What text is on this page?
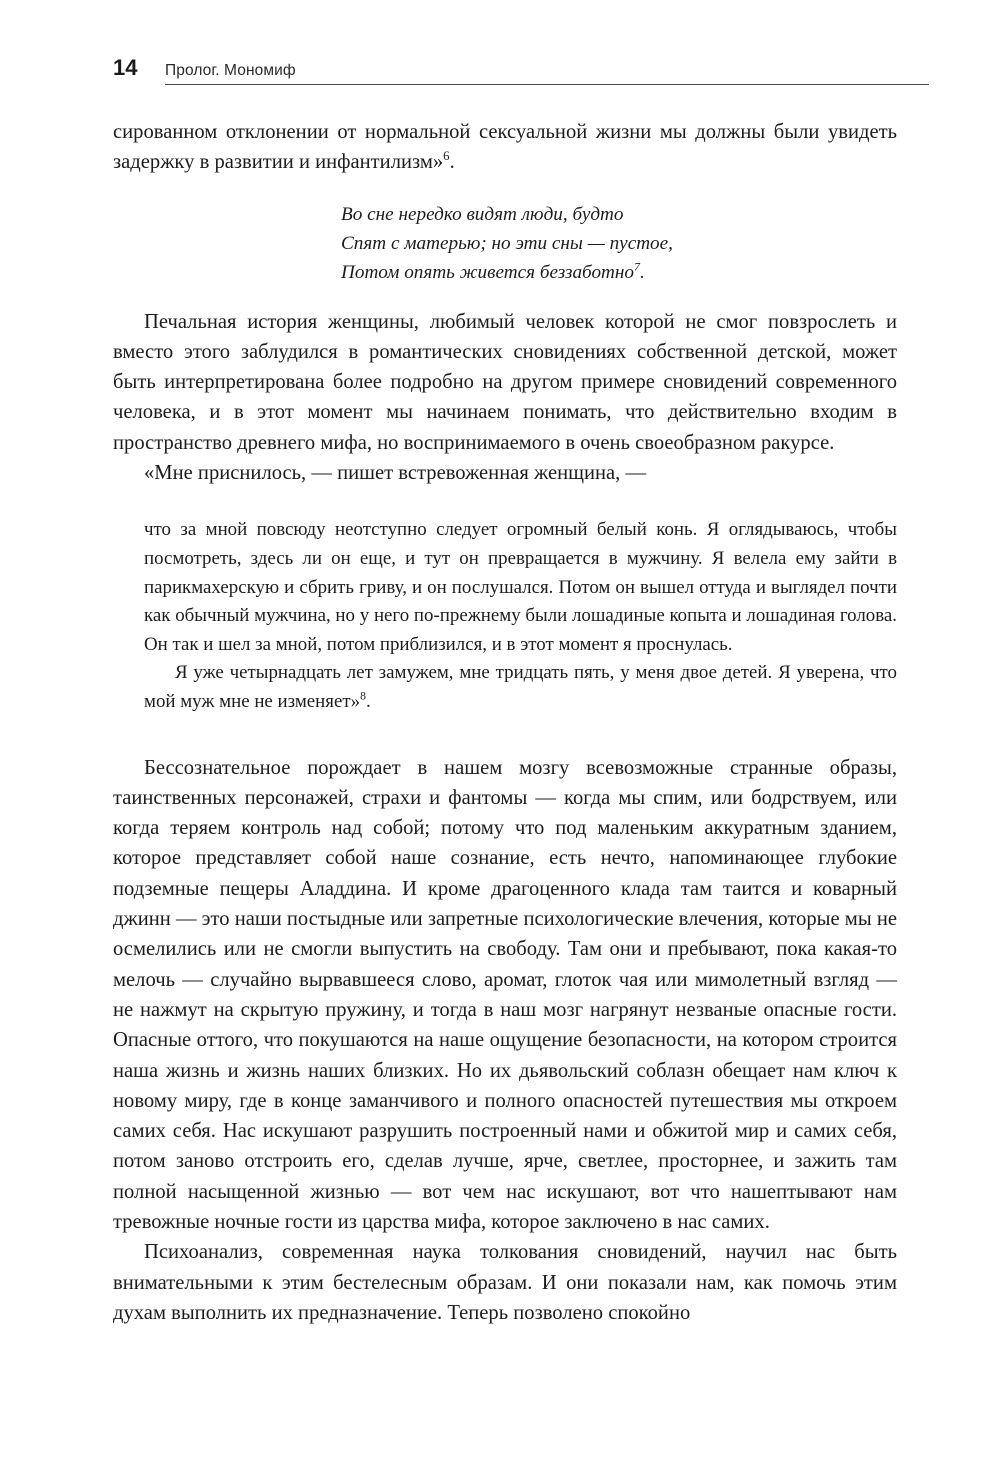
14	Пролог. Мономиф

сированном отклонении от нормальной сексуальной жизни мы должны были увидеть задержку в развитии и инфантилизм»$^6$.

Во сне нередко видят люди, будто
Спят с матерью; но эти сны — пустое,
Потом опять живется беззаботно$^7$.

Печальная история женщины, любимый человек которой не смог повзрослеть и вместо этого заблудился в романтических сновидениях собственной детской, может быть интерпретирована более подробно на другом примере сновидений современного человека, и в этот момент мы начинаем понимать, что действительно входим в пространство древнего мифа, но воспринимаемого в очень своеобразном ракурсе.

«Мне приснилось, — пишет встревоженная женщина, —

что за мной повсюду неотступно следует огромный белый конь. Я оглядываюсь, чтобы посмотреть, здесь ли он еще, и тут он превращается в мужчину. Я велела ему зайти в парикмахерскую и сбрить гриву, и он послушался. Потом он вышел оттуда и выглядел почти как обычный мужчина, но у него по-прежнему были лошадиные копыта и лошадиная голова. Он так и шел за мной, потом приблизился, и в этот момент я проснулась.

Я уже четырнадцать лет замужем, мне тридцать пять, у меня двое детей. Я уверена, что мой муж мне не изменяет»$^8$.

Бессознательное порождает в нашем мозгу всевозможные странные образы, таинственных персонажей, страхи и фантомы — когда мы спим, или бодрствуем, или когда теряем контроль над собой; потому что под маленьким аккуратным зданием, которое представляет собой наше сознание, есть нечто, напоминающее глубокие подземные пещеры Аладдина. И кроме драгоценного клада там таится и коварный джинн — это наши постыдные или запретные психологические влечения, которые мы не осмелились или не смогли выпустить на свободу. Там они и пребывают, пока какая-то мелочь — случайно вырвавшееся слово, аромат, глоток чая или мимолетный взгляд — не нажмут на скрытую пружину, и тогда в наш мозг нагрянут незваные опасные гости. Опасные оттого, что покушаются на наше ощущение безопасности, на котором строится наша жизнь и жизнь наших близких. Но их дьявольский соблазн обещает нам ключ к новому миру, где в конце заманчивого и полного опасностей путешествия мы откроем самих себя. Нас искушают разрушить построенный нами и обжитой мир и самих себя, потом заново отстроить его, сделав лучше, ярче, светлее, просторнее, и зажить там полной насыщенной жизнью — вот чем нас искушают, вот что нашептывают нам тревожные ночные гости из царства мифа, которое заключено в нас самих.

Психоанализ, современная наука толкования сновидений, научил нас быть внимательными к этим бестелесным образам. И они показали нам, как помочь этим духам выполнить их предназначение. Теперь позволено спокойно
